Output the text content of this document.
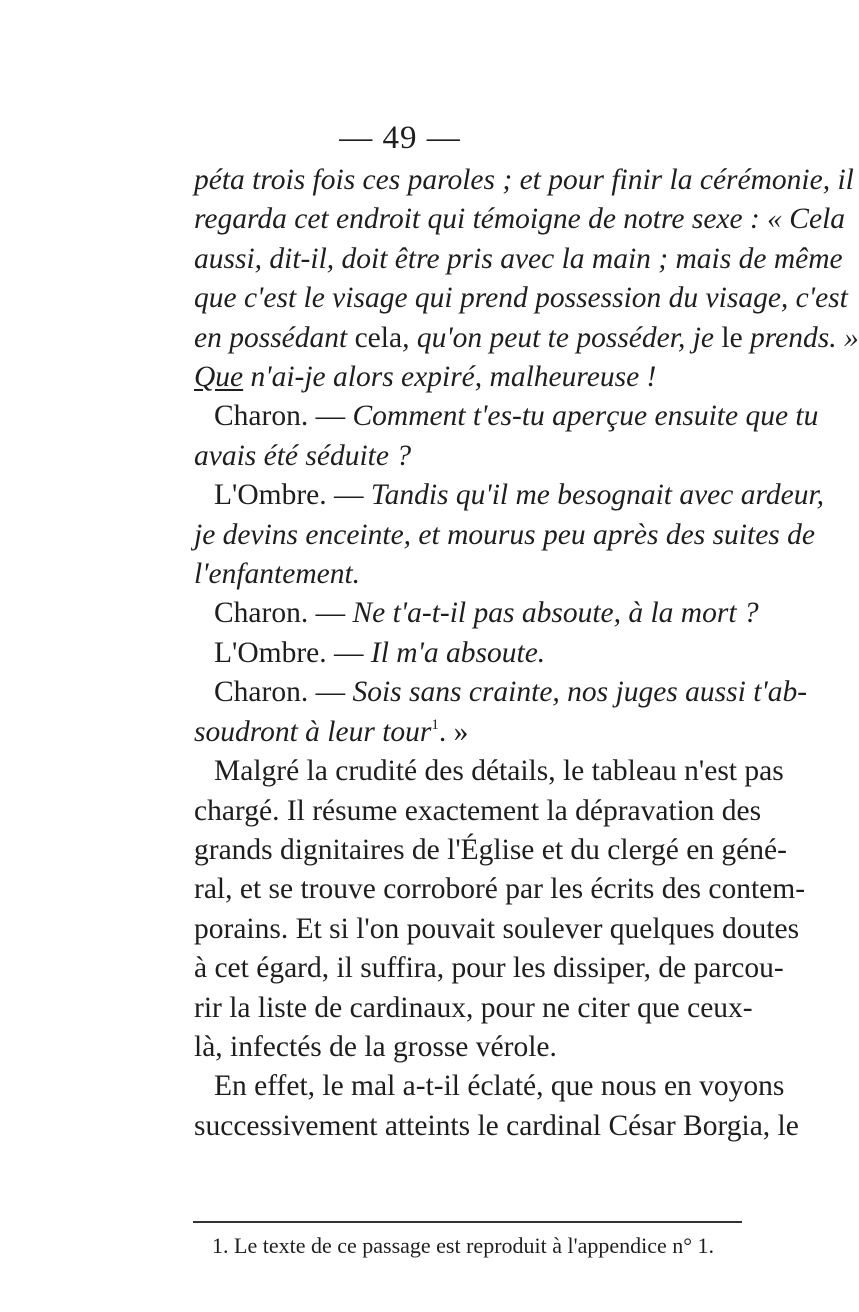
— 49 —
péta trois fois ces paroles ; et pour finir la cérémonie, il
regarda cet endroit qui témoigne de notre sexe : « Cela
aussi, dit-il, doit être pris avec la main ; mais de même
que c'est le visage qui prend possession du visage, c'est
en possédant cela, qu'on peut te posséder, je le prends. »
Que n'ai-je alors expiré, malheureuse !
Charon. — Comment t'es-tu aperçue ensuite que tu
avais été séduite ?
L'Ombre. — Tandis qu'il me besognait avec ardeur,
je devins enceinte, et mourus peu après des suites de
l'enfantement.
Charon. — Ne t'a-t-il pas absoute, à la mort ?
L'Ombre. — Il m'a absoute.
Charon. — Sois sans crainte, nos juges aussi t'ab-
soudront à leur tour$^1$. »
Malgré la crudité des détails, le tableau n'est pas
chargé. Il résume exactement la dépravation des
grands dignitaires de l'Église et du clergé en géné-
ral, et se trouve corroboré par les écrits des contem-
porains. Et si l'on pouvait soulever quelques doutes
à cet égard, il suffira, pour les dissiper, de parcou-
rir la liste de cardinaux, pour ne citer que ceux-
là, infectés de la grosse vérole.
En effet, le mal a-t-il éclaté, que nous en voyons
successivement atteints le cardinal César Borgia, le
1. Le texte de ce passage est reproduit à l'appendice n° 1.
